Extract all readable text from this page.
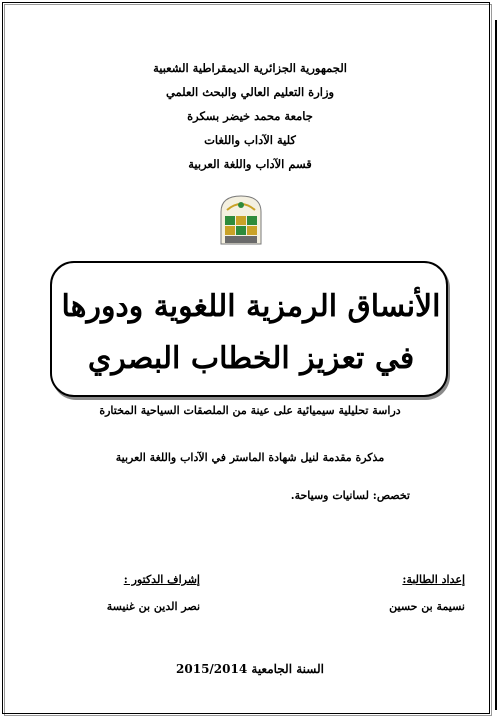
الجمهورية الجزائرية الديمقراطية الشعبية
وزارة التعليم العالي والبحث العلمي
جامعة محمد خيضر بسكرة
كلية الآداب واللغات
قسم الآداب واللغة العربية
الأنساق الرمزية اللغوية ودورها
في تعزيز الخطاب البصري
دراسة تحليلية سيميائية على عينة من الملصقات السياحية المختارة
مذكرة مقدمة لنيل شهادة الماستر في الآداب واللغة العربية
تخصص: لسانيات وسياحة.
إعداد الطالبة:
نسيمة بن حسين
إشراف الدكتور :
نصر الدين بن غنيسة
السنة الجامعية 2015/2014
